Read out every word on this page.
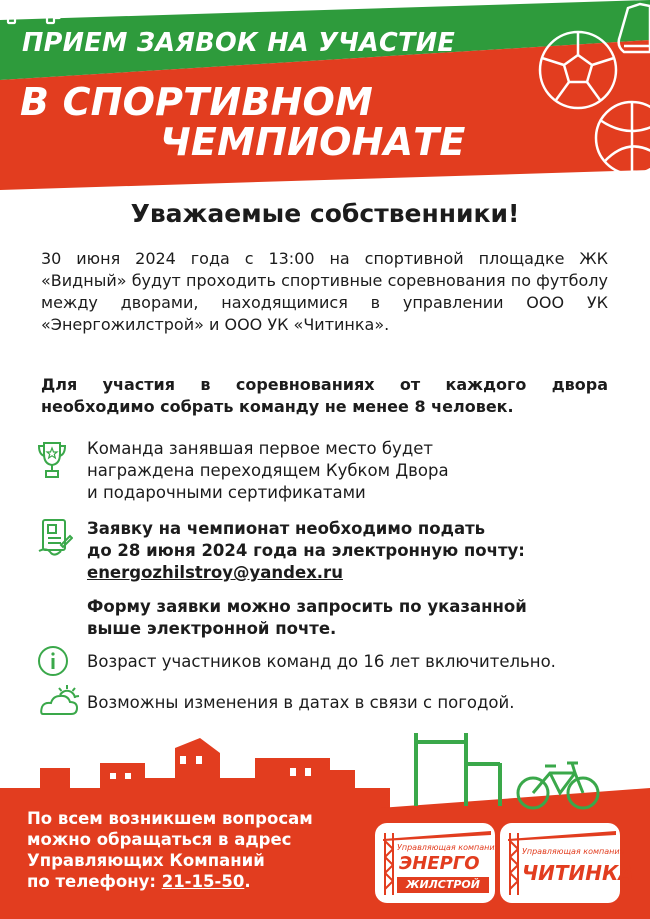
ПРИЕМ ЗАЯВОК НА УЧАСТИЕ
В СПОРТИВНОМ
ЧЕМПИОНАТЕ
Уважаемые собственники!
30 июня 2024 года с 13:00 на спортивной площадке ЖК «Видный» будут проходить спортивные соревнования по футболу между дворами, находящимися в управлении ООО УК «Энергожилстрой» и ООО УК «Читинка».
Для участия в соревнованиях от каждого двора необходимо собрать команду не менее 8 человек.
Команда занявшая первое место будет
награждена переходящем Кубком Двора
и подарочными сертификатами
Заявку на чемпионат необходимо подать
до 28 июня 2024 года на электронную почту:
energozhilstroy@yandex.ru
Форму заявки можно запросить по указанной
выше электронной почте.
Возраст участников команд до 16 лет включительно.
Возможны изменения в датах в связи с погодой.
По всем возникшем вопросам
можно обращаться в адрес
Управляющих Компаний
по телефону: 21-15-50.
Управляющая компания
ЭНЕРГО
ЖИЛСТРОЙ
Управляющая компания
ЧИТИНКА
